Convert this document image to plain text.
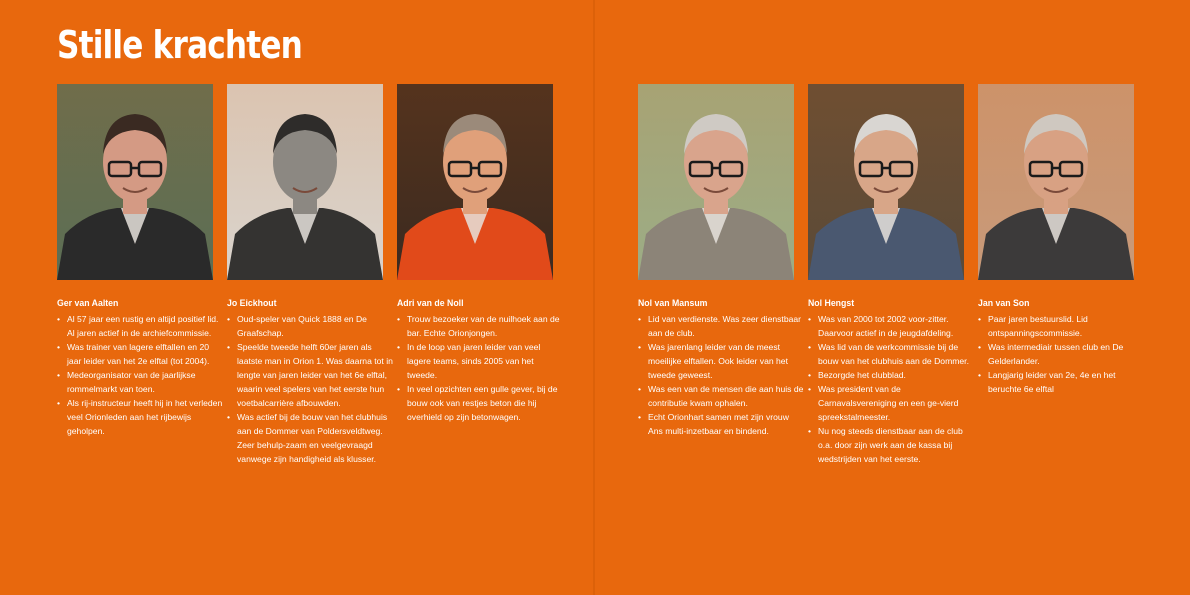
Stille krachten
Ger van Aalten
• Al 57 jaar een rustig en altijd positief lid. Al jaren actief in de archiefcommissie.
• Was trainer van lagere elftallen en 20 jaar leider van het 2e elftal (tot 2004).
• Medeorganisator van de jaarlijkse rommelmarkt van toen.
• Als rij-instructeur heeft hij in het verleden veel Orionleden aan het rijbewijs geholpen.
Jo Eickhout
• Oud-speler van Quick 1888 en De Graafschap.
• Speelde tweede helft 60er jaren als laatste man in Orion 1. Was daarna tot in lengte van jaren leider van het 6e elftal, waarin veel spelers van het eerste hun voetbalcarrière afbouwden.
• Was actief bij de bouw van het clubhuis aan de Dommer van Poldersveldtweg. Zeer behulp-zaam en veelgevraagd vanwege zijn handigheid als klusser.
Adri van de Noll
• Trouw bezoeker van de nuilhoek aan de bar. Echte Orionjongen.
• In de loop van jaren leider van veel lagere teams, sinds 2005 van het tweede.
• In veel opzichten een gulle gever, bij de bouw ook van restjes beton die hij overhield op zijn betonwagen.
Nol van Mansum
• Lid van verdienste. Was zeer dienstbaar aan de club.
• Was jarenlang leider van de meest moeilijke elftallen. Ook leider van het tweede geweest.
• Was een van de mensen die aan huis de contributie kwam ophalen.
• Echt Orionhart samen met zijn vrouw Ans multi-inzetbaar en bindend.
Nol Hengst
• Was van 2000 tot 2002 voor-zitter. Daarvoor actief in de jeugdafdeling.
• Was lid van de werkcommissie bij de bouw van het clubhuis aan de Dommer.
• Bezorgde het clubblad.
• Was president van de Carnavalsvereniging en een ge-vierd spreekstalmeester.
• Nu nog steeds dienstbaar aan de club o.a. door zijn werk aan de kassa bij wedstrijden van het eerste.
Jan van Son
• Paar jaren bestuurslid. Lid ontspanningscommissie.
• Was intermediair tussen club en De Gelderlander.
• Langjarig leider van 2e, 4e en het beruchte 6e elftal
